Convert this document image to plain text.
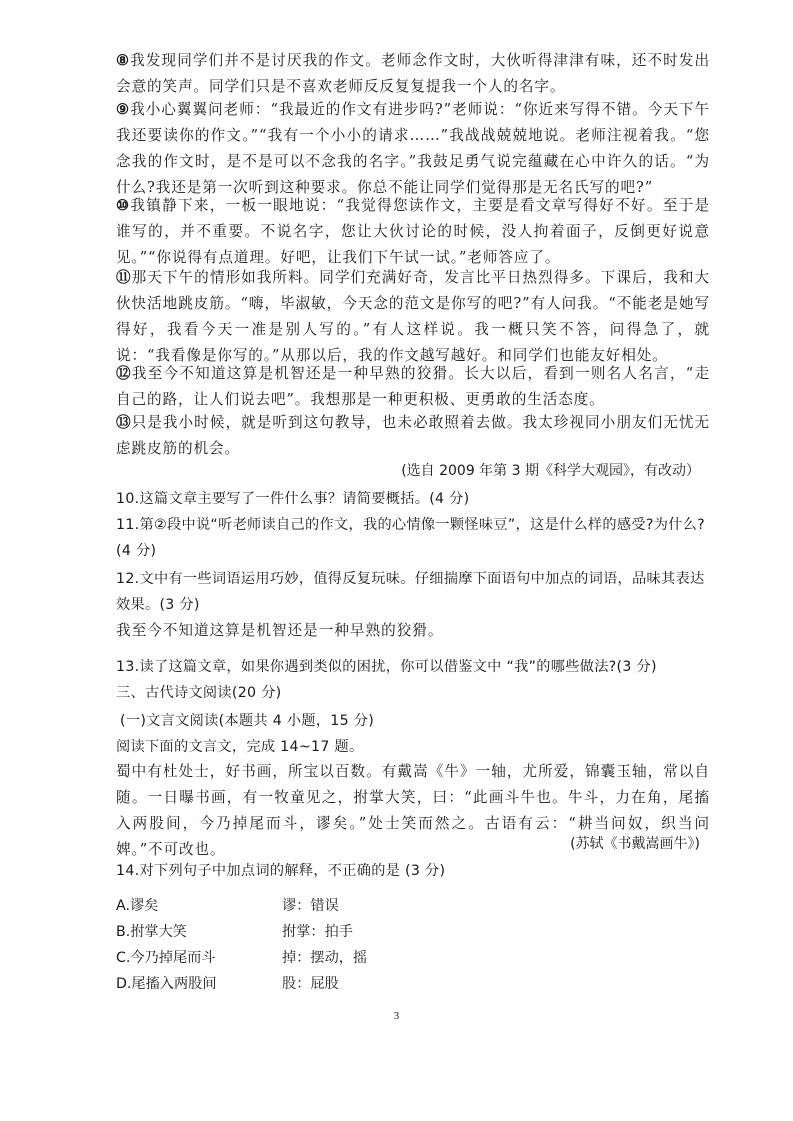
⑧我发现同学们并不是讨厌我的作文。老师念作文时，大伙听得津津有味，还不时发出会意的笑声。同学们只是不喜欢老师反反复复提我一个人的名字。

⑨我小心翼翼问老师：“我最近的作文有进步吗?”老师说：“你近来写得不错。今天下午我还要读你的作文。”“我有一个小小的请求……”我战战兢兢地说。老师注视着我。“您念我的作文时，是不是可以不念我的名字。”我鼓足勇气说完蕴藏在心中许久的话。“为什么?我还是第一次听到这种要求。你总不能让同学们觉得那是无名氏写的吧?”

⑩我镇静下来，一板一眼地说：“我觉得您读作文，主要是看文章写得好不好。至于是谁写的，并不重要。不说名字，您让大伙讨论的时候，没人拘着面子，反倒更好说意见。”“你说得有点道理。好吧，让我们下午试一试。”老师答应了。

⑪那天下午的情形如我所料。同学们充满好奇，发言比平日热烈得多。下课后，我和大伙快活地跳皮筋。“嗨，毕淑敏，今天念的范文是你写的吧?”有人问我。“不能老是她写得好，我看今天一准是别人写的。”有人这样说。我一概只笑不答，问得急了，就说：“我看像是你写的。”从那以后，我的作文越写越好。和同学们也能友好相处。

⑫我至今不知道这算是机智还是一种早熟的狡猾。长大以后，看到一则名人名言，“走自己的路，让人们说去吧”。我想那是一种更积极、更勇敢的生活态度。

⑬只是我小时候，就是听到这句教导，也未必敢照着去做。我太珍视同小朋友们无忧无虑跳皮筋的机会。

(选自 2009 年第 3 期《科学大观园》，有改动）

10.这篇文章主要写了一件什么事？请简要概括。(4 分)

11.第②段中说“听老师读自己的作文，我的心情像一颗怪味豆”，这是什么样的感受?为什么? (4 分)

12.文中有一些词语运用巧妙，值得反复玩味。仔细揣摩下面语句中加点的词语，品味其表达效果。(3 分)

我至今不知道这算是机智还是一种早熟的狡猾。

13.读了这篇文章，如果你遇到类似的困扰，你可以借鉴文中 “我”的哪些做法?(3 分)

三、古代诗文阅读(20 分)

(一)文言文阅读(本题共 4 小题，15 分)

阅读下面的文言文，完成 14~17 题。

蜀中有杜处士，好书画，所宝以百数。有戴嵩《牛》一轴，尤所爱，锦囊玉轴，常以自随。一日曝书画，有一牧童见之，拊掌大笑，曰：“此画斗牛也。牛斗，力在角，尾搐入两股间，今乃掉尾而斗，谬矣。”处士笑而然之。古语有云：“耕当问奴，织当问婢。”不可改也。	(苏轼《书戴嵩画牛》)

14.对下列句子中加点词的解释，不正确的是 (3 分)

A.谬矣	谬：错误
B.拊掌大笑	拊掌：拍手
C.今乃掉尾而斗	掉：摆动，摇
D.尾搐入两股间	股：屁股
3
